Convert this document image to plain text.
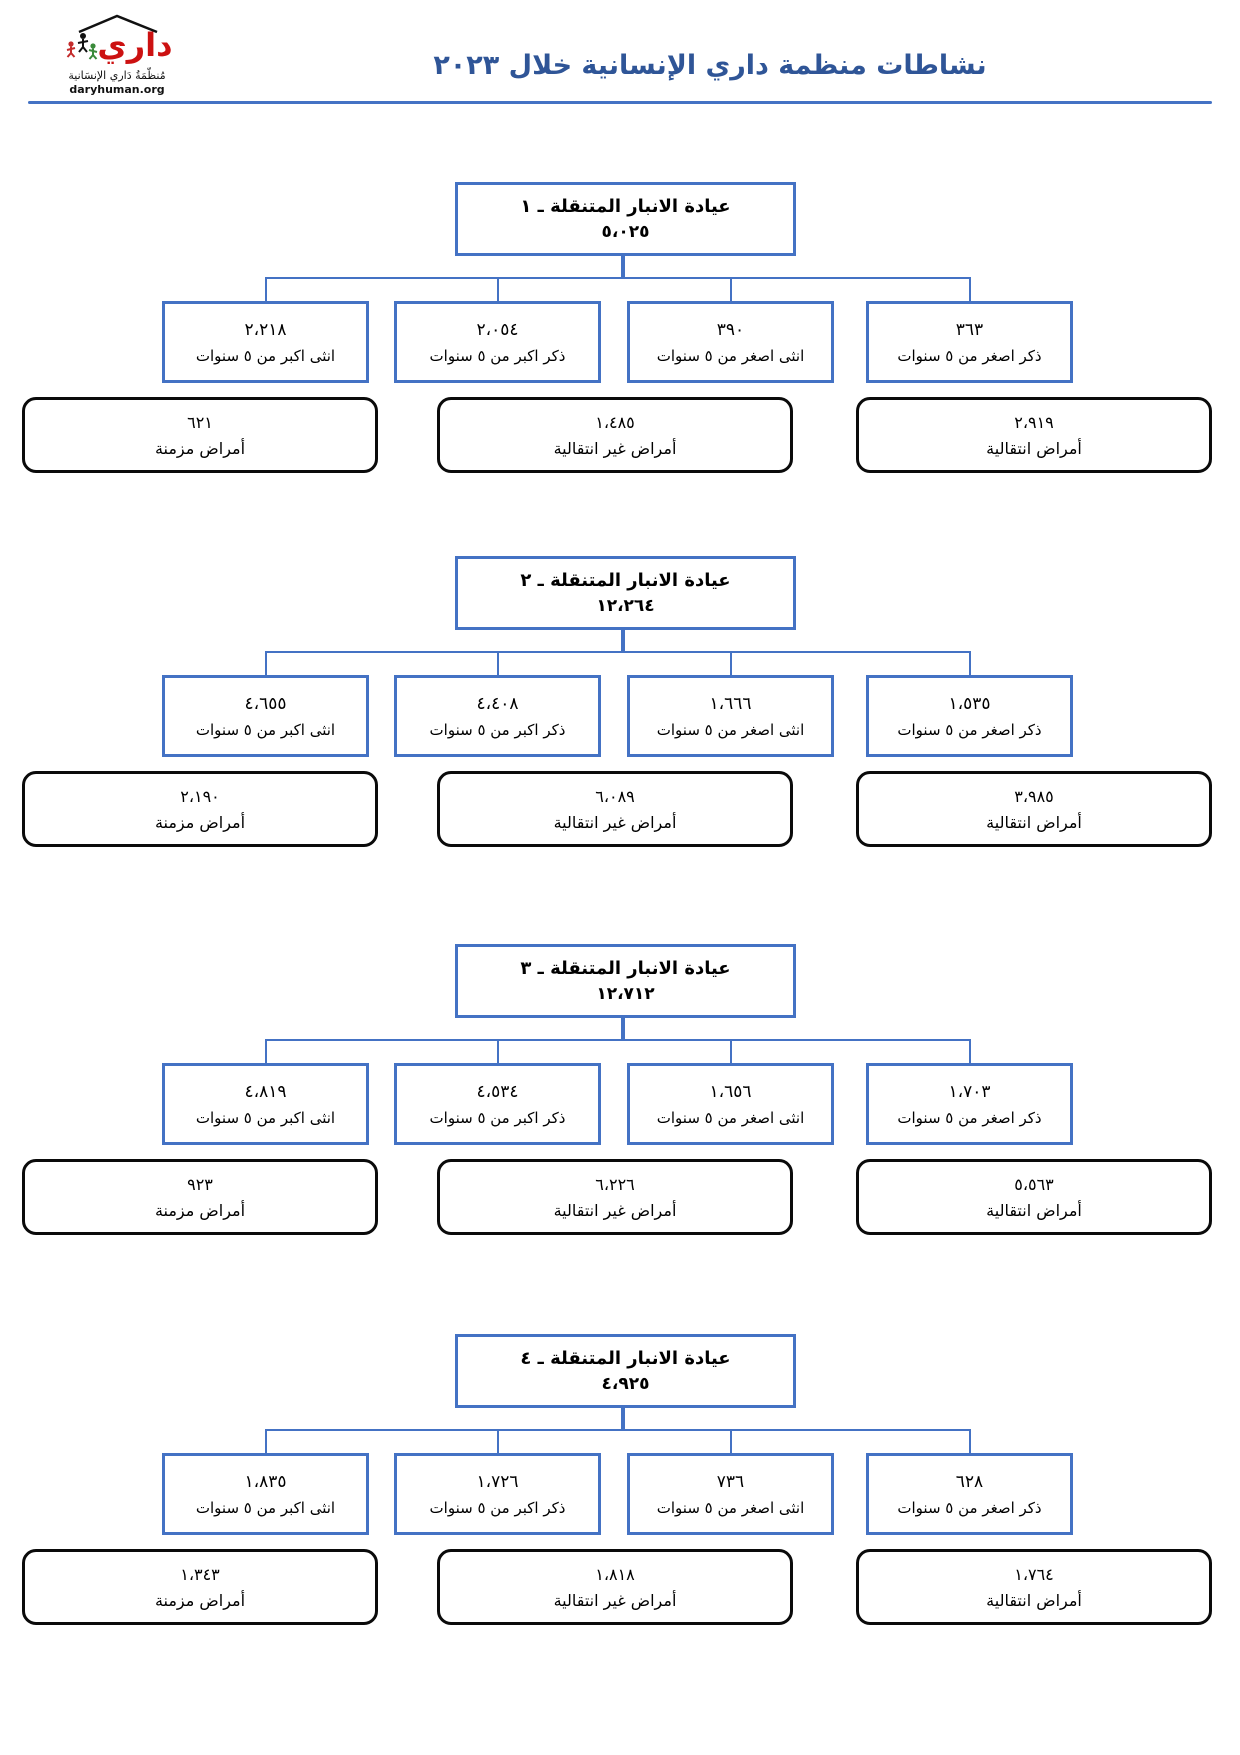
داري
مُنظّمَةُ دَاري الإنسَانية
daryhuman.org
نشاطات منظمة داري الإنسانية خلال ٢٠٢٣
عيادة الانبار المتنقلة ـ ١
٥،٠٢٥
٣٦٣
ذكر اصغر من ٥ سنوات
٣٩٠
انثى اصغر من ٥ سنوات
٢،٠٥٤
ذكر اكبر من ٥ سنوات
٢،٢١٨
انثى اكبر من ٥ سنوات
٢،٩١٩
أمراض انتقالية
١،٤٨٥
أمراض غير انتقالية
٦٢١
أمراض مزمنة
عيادة الانبار المتنقلة ـ ٢
١٢،٢٦٤
١،٥٣٥
ذكر اصغر من ٥ سنوات
١،٦٦٦
انثى اصغر من ٥ سنوات
٤،٤٠٨
ذكر اكبر من ٥ سنوات
٤،٦٥٥
انثى اكبر من ٥ سنوات
٣،٩٨٥
أمراض انتقالية
٦،٠٨٩
أمراض غير انتقالية
٢،١٩٠
أمراض مزمنة
عيادة الانبار المتنقلة ـ ٣
١٢،٧١٢
١،٧٠٣
ذكر اصغر من ٥ سنوات
١،٦٥٦
انثى اصغر من ٥ سنوات
٤،٥٣٤
ذكر اكبر من ٥ سنوات
٤،٨١٩
انثى اكبر من ٥ سنوات
٥،٥٦٣
أمراض انتقالية
٦،٢٢٦
أمراض غير انتقالية
٩٢٣
أمراض مزمنة
عيادة الانبار المتنقلة ـ ٤
٤،٩٢٥
٦٢٨
ذكر اصغر من ٥ سنوات
٧٣٦
انثى اصغر من ٥ سنوات
١،٧٢٦
ذكر اكبر من ٥ سنوات
١،٨٣٥
انثى اكبر من ٥ سنوات
١،٧٦٤
أمراض انتقالية
١،٨١٨
أمراض غير انتقالية
١،٣٤٣
أمراض مزمنة
